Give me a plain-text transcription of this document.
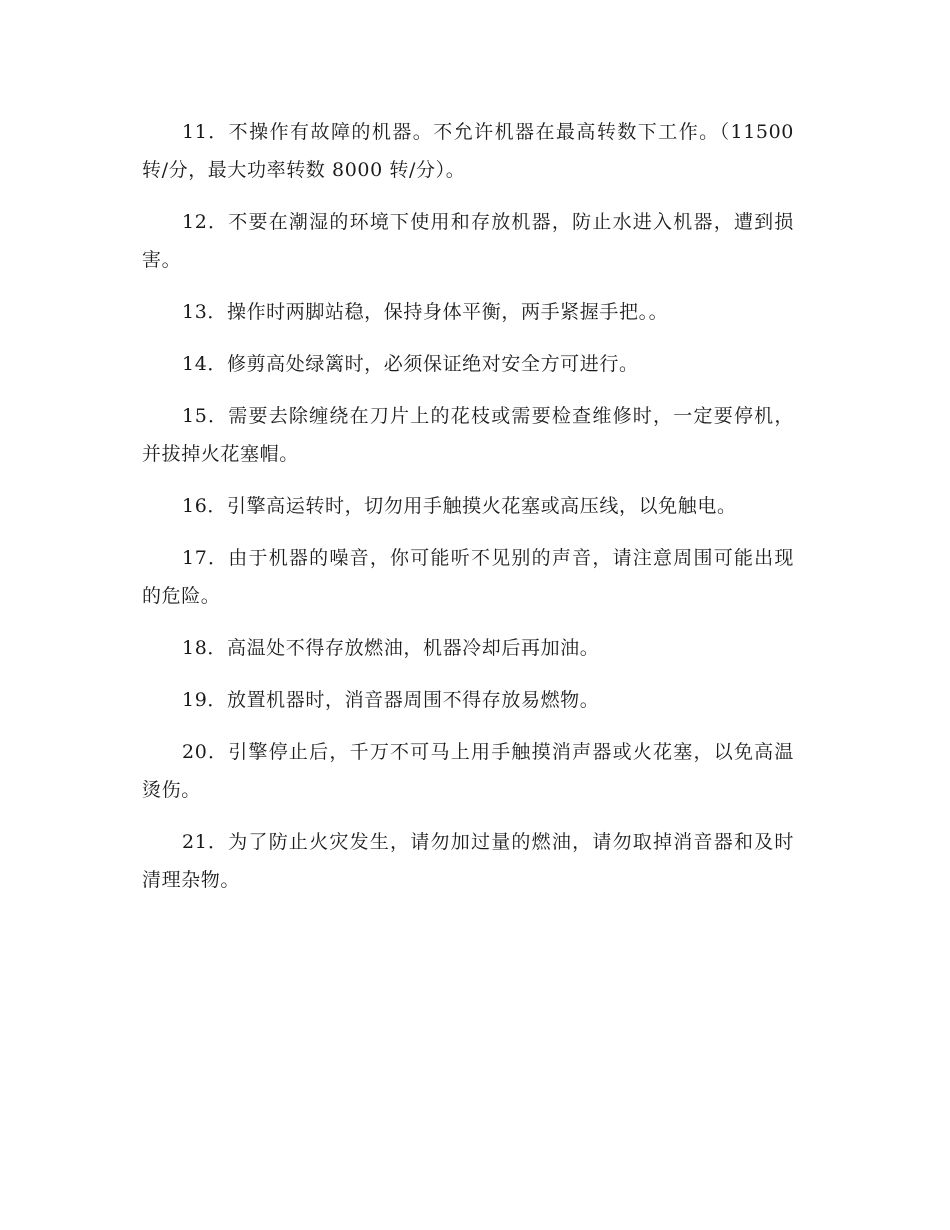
11．不操作有故障的机器。不允许机器在最高转数下工作。（11500 转/分，最大功率转数 8000 转/分）。

12．不要在潮湿的环境下使用和存放机器，防止水进入机器，遭到损害。

13．操作时两脚站稳，保持身体平衡，两手紧握手把。。

14．修剪高处绿篱时，必须保证绝对安全方可进行。

15．需要去除缠绕在刀片上的花枝或需要检查维修时，一定要停机，并拔掉火花塞帽。

16．引擎高运转时，切勿用手触摸火花塞或高压线，以免触电。

17．由于机器的噪音，你可能听不见别的声音，请注意周围可能出现的危险。

18．高温处不得存放燃油，机器冷却后再加油。

19．放置机器时，消音器周围不得存放易燃物。

20．引擎停止后，千万不可马上用手触摸消声器或火花塞，以免高温烫伤。

21．为了防止火灾发生，请勿加过量的燃油，请勿取掉消音器和及时清理杂物。
